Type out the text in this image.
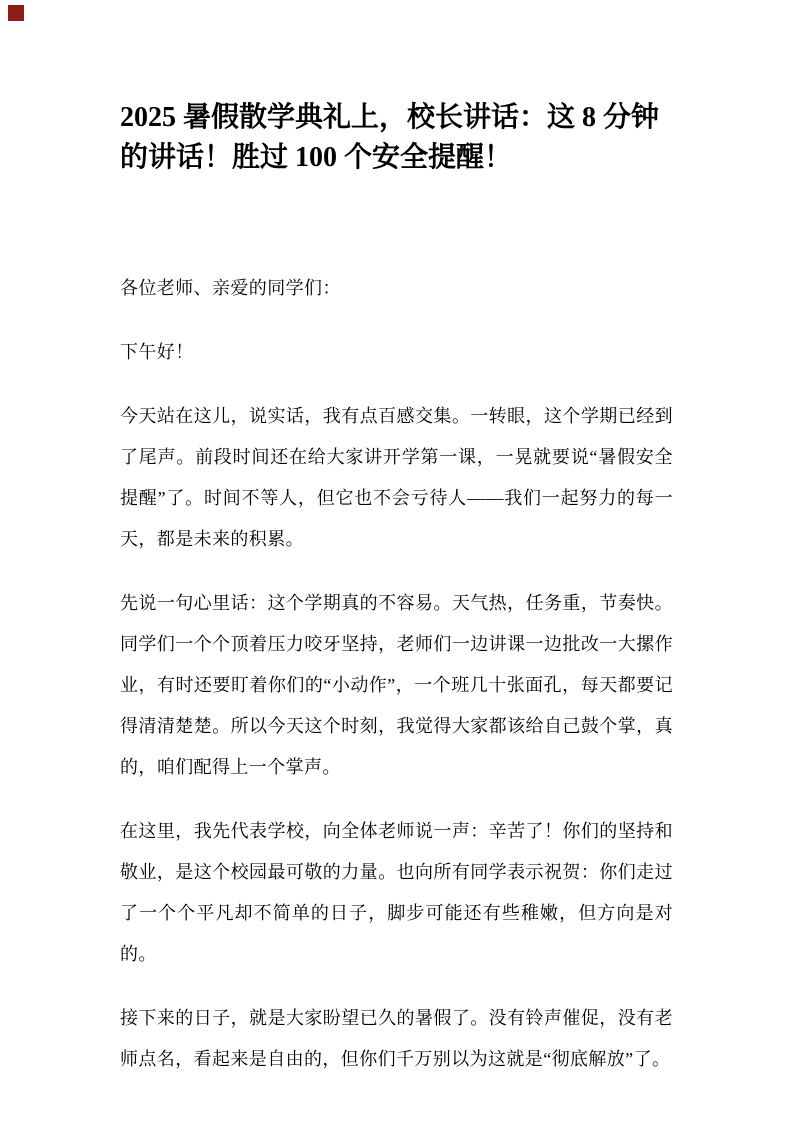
2025 暑假散学典礼上，校长讲话：这 8 分钟
的讲话！胜过 100 个安全提醒！

各位老师、亲爱的同学们：

下午好！

今天站在这儿，说实话，我有点百感交集。一转眼，这个学期已经到了尾声。前段时间还在给大家讲开学第一课，一晃就要说“暑假安全提醒”了。时间不等人，但它也不会亏待人——我们一起努力的每一天，都是未来的积累。

先说一句心里话：这个学期真的不容易。天气热，任务重，节奏快。同学们一个个顶着压力咬牙坚持，老师们一边讲课一边批改一大摞作业，有时还要盯着你们的“小动作”，一个班几十张面孔，每天都要记得清清楚楚。所以今天这个时刻，我觉得大家都该给自己鼓个掌，真的，咱们配得上一个掌声。

在这里，我先代表学校，向全体老师说一声：辛苦了！你们的坚持和敬业，是这个校园最可敬的力量。也向所有同学表示祝贺：你们走过了一个个平凡却不简单的日子，脚步可能还有些稚嫩，但方向是对的。

接下来的日子，就是大家盼望已久的暑假了。没有铃声催促，没有老师点名，看起来是自由的，但你们千万别以为这就是“彻底解放”了。
